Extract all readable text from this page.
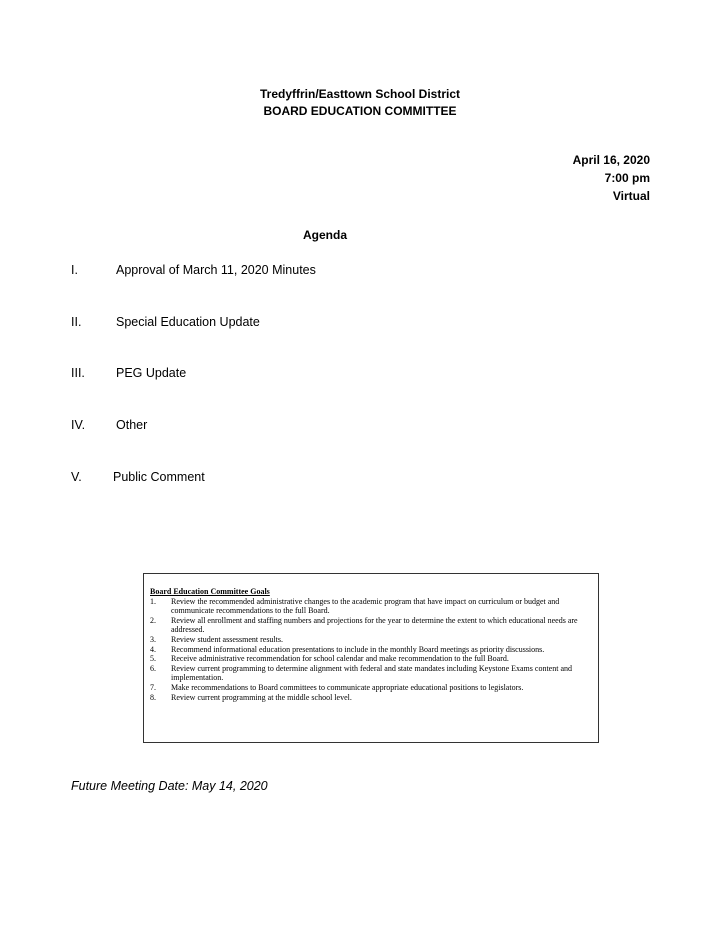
Tredyffrin/Easttown School District
BOARD EDUCATION COMMITTEE
April 16, 2020
7:00 pm
Virtual
Agenda
I.	Approval of March 11, 2020 Minutes
II.	Special Education Update
III. PEG Update
IV. Other
V.	Public Comment
Board Education Committee Goals
1.	Review the recommended administrative changes to the academic program that have impact on curriculum or budget and communicate recommendations to the full Board.
2.	Review all enrollment and staffing numbers and projections for the year to determine the extent to which educational needs are addressed.
3.	Review student assessment results.
4.	Recommend informational education presentations to include in the monthly Board meetings as priority discussions.
5.	Receive administrative recommendation for school calendar and make recommendation to the full Board.
6.	Review current programming to determine alignment with federal and state mandates including Keystone Exams content and implementation.
7.	Make recommendations to Board committees to communicate appropriate educational positions to legislators.
8.	Review current programming at the middle school level.
Future Meeting Date: May 14, 2020
